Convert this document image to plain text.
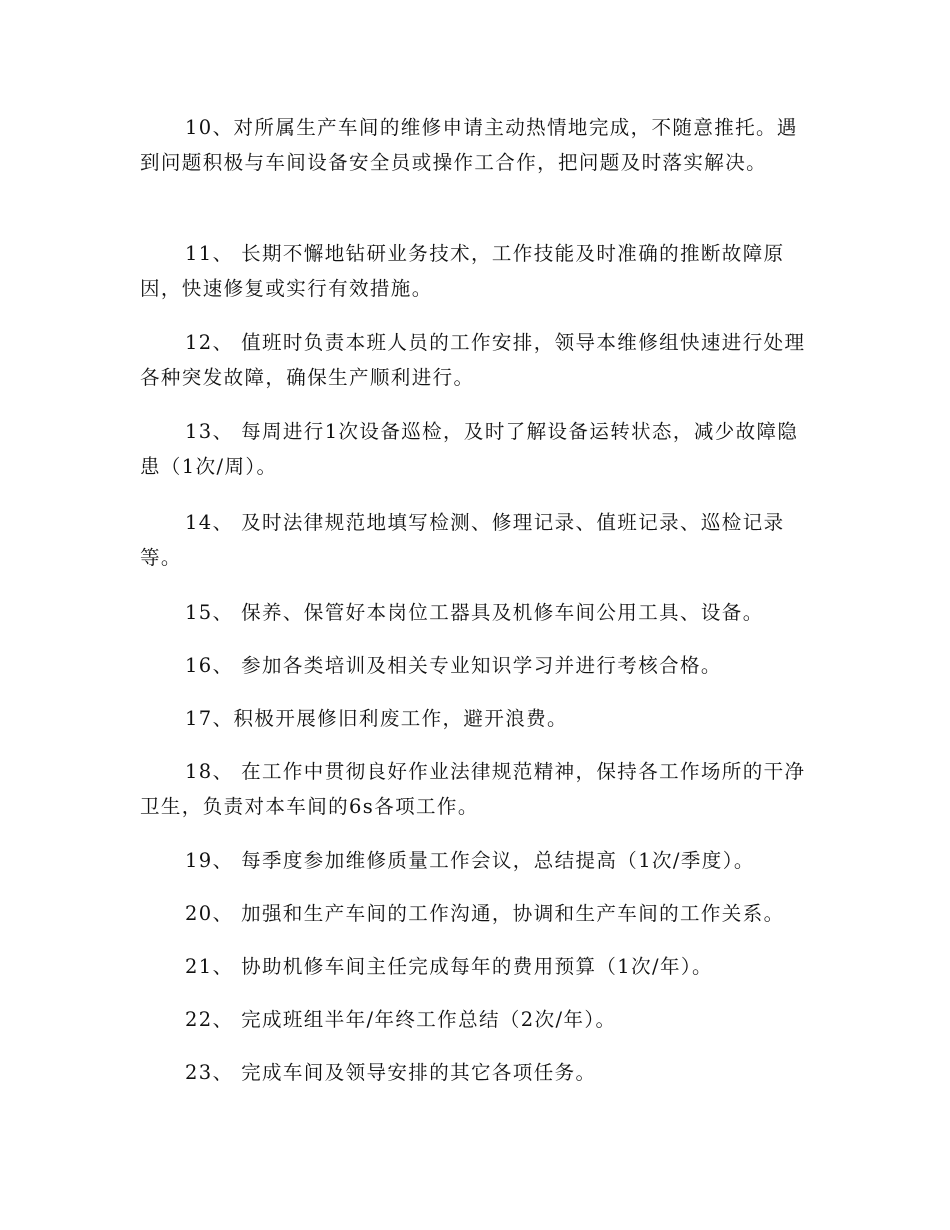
10、对所属生产车间的维修申请主动热情地完成，不随意推托。遇到问题积极与车间设备安全员或操作工合作，把问题及时落实解决。

11、 长期不懈地钻研业务技术，工作技能及时准确的推断故障原因，快速修复或实行有效措施。

12、 值班时负责本班人员的工作安排，领导本维修组快速进行处理各种突发故障，确保生产顺利进行。

13、 每周进行1次设备巡检，及时了解设备运转状态，减少故障隐患（1次/周）。

14、 及时法律规范地填写检测、修理记录、值班记录、巡检记录等。

15、 保养、保管好本岗位工器具及机修车间公用工具、设备。

16、 参加各类培训及相关专业知识学习并进行考核合格。

17、积极开展修旧利废工作，避开浪费。

18、 在工作中贯彻良好作业法律规范精神，保持各工作场所的干净卫生，负责对本车间的6s各项工作。

19、 每季度参加维修质量工作会议，总结提高（1次/季度）。

20、 加强和生产车间的工作沟通，协调和生产车间的工作关系。

21、 协助机修车间主任完成每年的费用预算（1次/年）。

22、 完成班组半年/年终工作总结（2次/年）。

23、 完成车间及领导安排的其它各项任务。
